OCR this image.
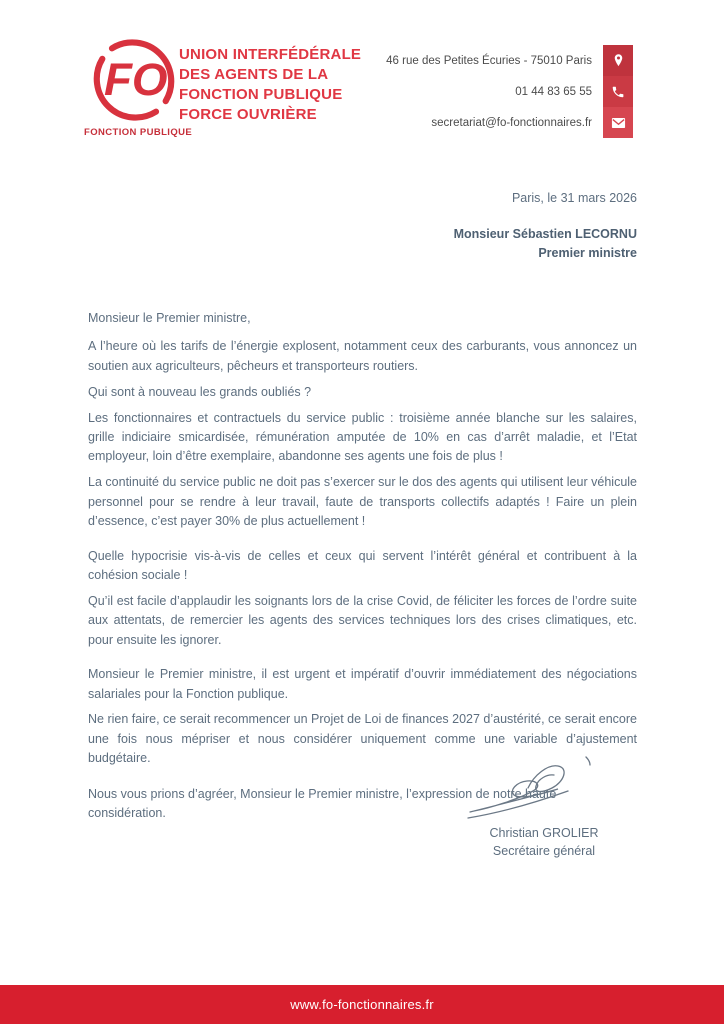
FO
FONCTION PUBLIQUE
UNION INTERFÉDÉRALE
DES AGENTS DE LA
FONCTION PUBLIQUE
FORCE OUVRIÈRE
46 rue des Petites Écuries - 75010 Paris
01 44 83 65 55
secretariat@fo-fonctionnaires.fr
Paris, le 31 mars 2026
Monsieur Sébastien LECORNU
Premier ministre

Monsieur le Premier ministre,

A l’heure où les tarifs de l’énergie explosent, notamment ceux des carburants, vous annoncez un soutien aux agriculteurs, pêcheurs et transporteurs routiers.

Qui sont à nouveau les grands oubliés ?

Les fonctionnaires et contractuels du service public : troisième année blanche sur les salaires, grille indiciaire smicardisée, rémunération amputée de 10% en cas d’arrêt maladie, et l’Etat employeur, loin d’être exemplaire, abandonne ses agents une fois de plus !

La continuité du service public ne doit pas s’exercer sur le dos des agents qui utilisent leur véhicule personnel pour se rendre à leur travail, faute de transports collectifs adaptés ! Faire un plein d’essence, c’est payer 30% de plus actuellement !

Quelle hypocrisie vis-à-vis de celles et ceux qui servent l’intérêt général et contribuent à la cohésion sociale !

Qu’il est facile d’applaudir les soignants lors de la crise Covid, de féliciter les forces de l’ordre suite aux attentats, de remercier les agents des services techniques lors des crises climatiques, etc. pour ensuite les ignorer.

Monsieur le Premier ministre, il est urgent et impératif d’ouvrir immédiatement des négociations salariales pour la Fonction publique.

Ne rien faire, ce serait recommencer un Projet de Loi de finances 2027 d’austérité, ce serait encore une fois nous mépriser et nous considérer uniquement comme une variable d’ajustement budgétaire.

Nous vous prions d’agréer, Monsieur le Premier ministre, l’expression de notre haute considération.

Christian GROLIER
Secrétaire général
www.fo-fonctionnaires.fr
